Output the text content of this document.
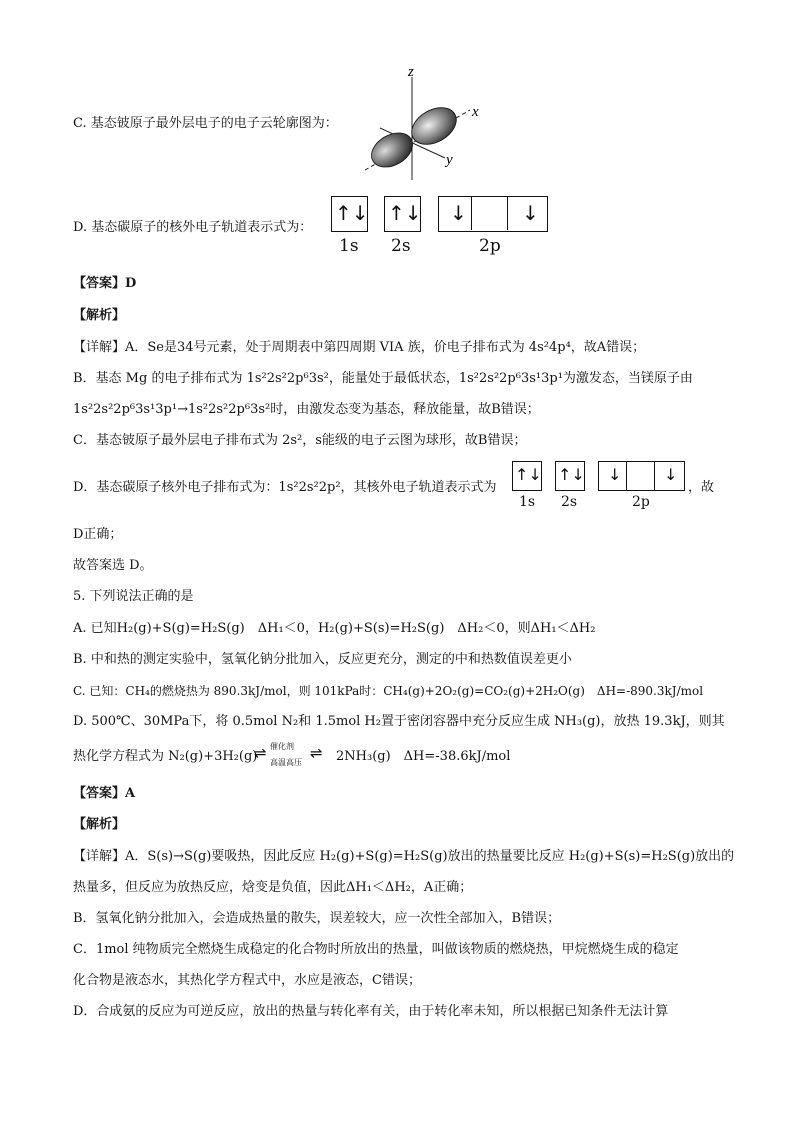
C. 基态铍原子最外层电子的电子云轮廓图为：
z
x
y
D. 基态碳原子的核外电子轨道表示式为：
↑↓ ↑↓ ↓	↓
1s 2s	2p
【答案】D
【解析】
【详解】A．Se是34号元素，处于周期表中第四周期 VIA 族，价电子排布式为 4s²4p⁴，故A错误；
B．基态 Mg 的电子排布式为 1s²2s²2p⁶3s²，能量处于最低状态，1s²2s²2p⁶3s¹3p¹为激发态，当镁原子由
1s²2s²2p⁶3s¹3p¹→1s²2s²2p⁶3s²时，由激发态变为基态，释放能量，故B错误；
C．基态铍原子最外层电子排布式为 2s²，s能级的电子云图为球形，故B错误；
D．基态碳原子核外电子排布式为：1s²2s²2p²，其核外电子轨道表示式为
↑↓ ↑↓ ↓	↓
1s 2s	2p
，故
D正确；
故答案选 D。
5. 下列说法正确的是
A. 已知H₂(g)+S(g)=H₂S(g)　ΔH₁＜0，H₂(g)+S(s)=H₂S(g)　ΔH₂＜0，则ΔH₁＜ΔH₂
B. 中和热的测定实验中，氢氧化钠分批加入，反应更充分，测定的中和热数值误差更小
C. 已知：CH₄的燃烧热为 890.3kJ/mol，则 101kPa时：CH₄(g)+2O₂(g)=CO₂(g)+2H₂O(g)　ΔH=-890.3kJ/mol
D. 500℃、30MPa下，将 0.5mol N₂和 1.5mol H₂置于密闭容器中充分反应生成 NH₃(g)，放热 19.3kJ，则其
热化学方程式为 N₂(g)+3H₂(g)
⇌ 催化剂
高温高压
⇌ 2NH₃(g)　ΔH=-38.6kJ/mol
【答案】A
【解析】
【详解】A．S(s)→S(g)要吸热，因此反应 H₂(g)+S(g)=H₂S(g)放出的热量要比反应 H₂(g)+S(s)=H₂S(g)放出的
热量多，但反应为放热反应，焓变是负值，因此ΔH₁＜ΔH₂，A正确；
B．氢氧化钠分批加入，会造成热量的散失，误差较大，应一次性全部加入，B错误；
C．1mol 纯物质完全燃烧生成稳定的化合物时所放出的热量，叫做该物质的燃烧热，甲烷燃烧生成的稳定
化合物是液态水，其热化学方程式中，水应是液态，C错误；
D．合成氨的反应为可逆反应，放出的热量与转化率有关，由于转化率未知，所以根据已知条件无法计算
